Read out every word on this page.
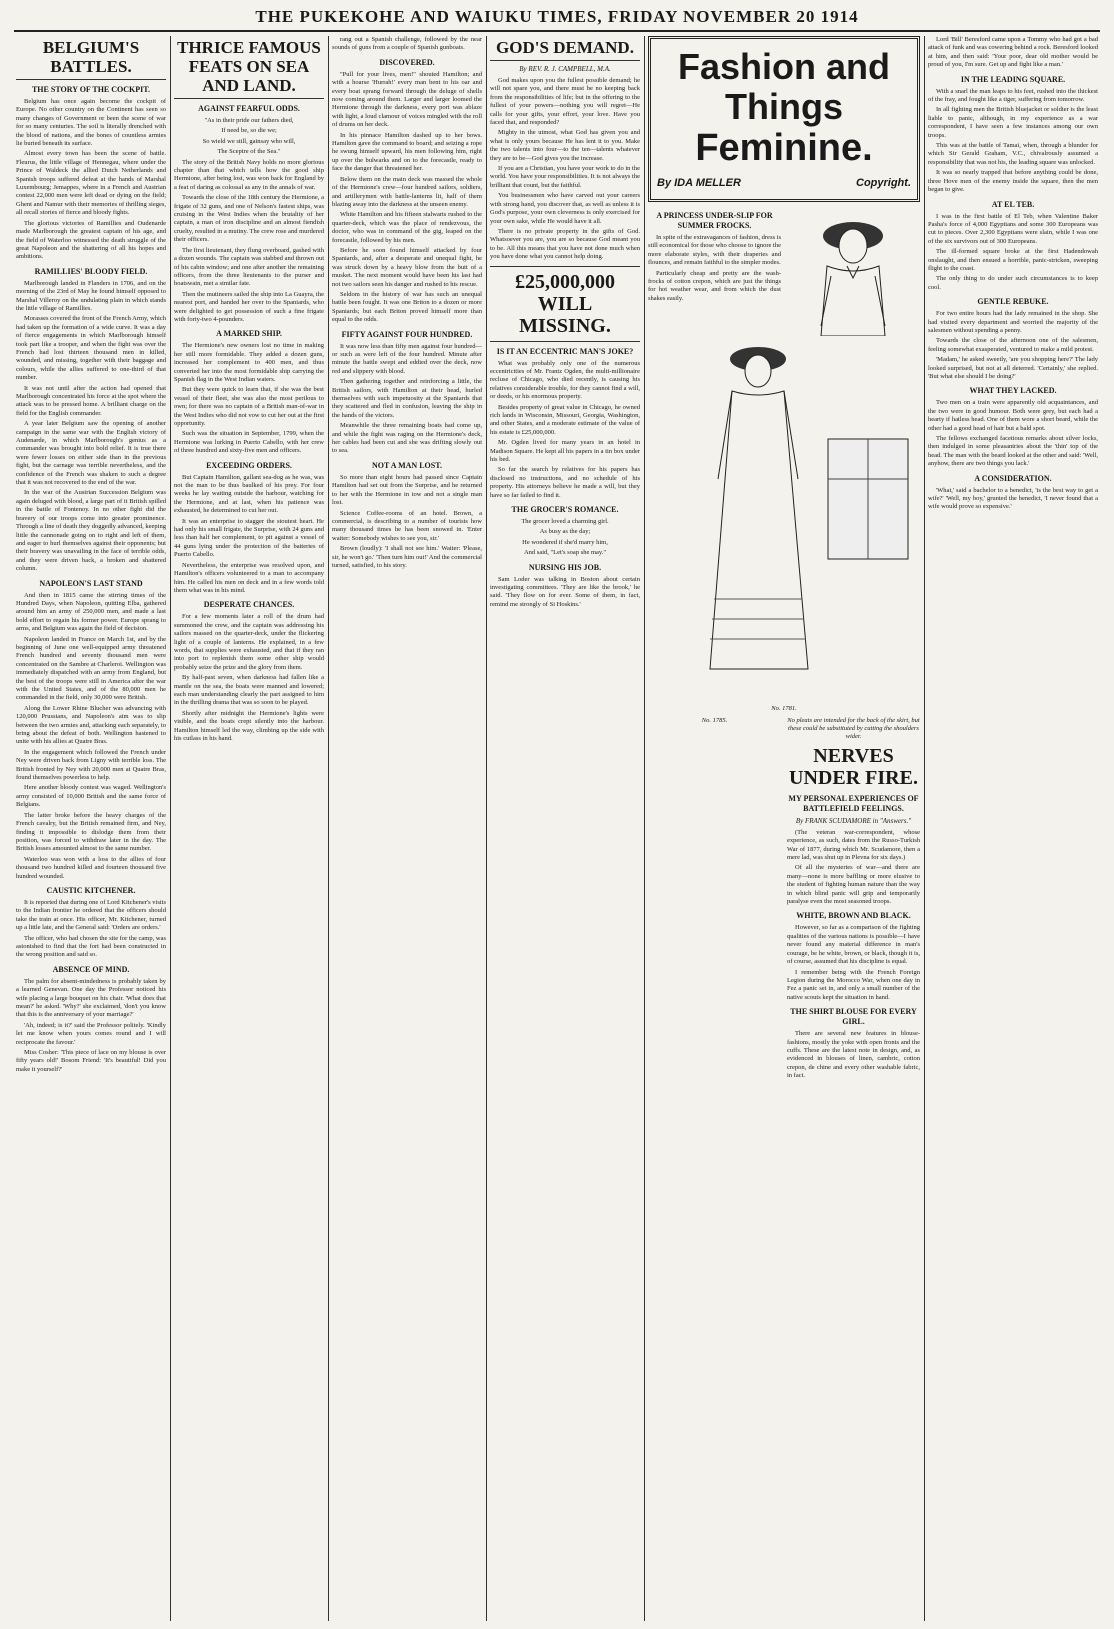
THE PUKEKOHE AND WAIUKU TIMES, FRIDAY NOVEMBER 20 1914
BELGIUM'S BATTLES.
THE STORY OF THE COCKPIT.

Belgium has once again become the cockpit of Europe. No other country on the Continent has seen so many changes of Government or been the scene of war for so many centuries. The soil is literally drenched with the blood of nations, and the bones of countless armies lie buried beneath its surface.

Almost every town has been the scene of battle. Fleurus, the little village of Hennegau, where under the Prince of Waldeck the allied Dutch Netherlands and Spanish troops suffered defeat at the hands of Marshal Luxembourg; Jemappes, where in a French and Austrian contest 22,000 men were left dead or dying on the field; Ghent and Namur with their memories of thrilling sieges, all recall stories of fierce and bloody fights.

The glorious victories of Ramillies and Oudenarde made Marlborough the greatest captain of his age, and the field of Waterloo witnessed the death struggle of the great Napoleon and the shattering of all his hopes and ambitions.

RAMILLIES' BLOODY FIELD.

Marlborough landed in Flanders in 1706, and on the morning of the 23rd of May he found himself opposed to Marshal Villeroy on the undulating plain in which stands the little village of Ramillies.

Morasses covered the front of the French Army, which had taken up the formation of a wide curve. It was a day of fierce engagements in which Marlborough himself took part like a trooper, and when the fight was over the French had lost thirteen thousand men in killed, wounded, and missing, together with their baggage and colours, while the allies suffered to one-third of that number.

It was not until after the action had opened that Marlborough concentrated his force at the spot where the attack was to be pressed home. A brilliant charge on the field for the English commander.

A year later Belgium saw the opening of another campaign in the same war with the English victory of Audenarde, in which Marlborough's genius as a commander was brought into bold relief. It is true there were fewer losses on either side than in the previous fight, but the carnage was terrible nevertheless, and the confidence of the French was shaken to such a degree that it was not recovered to the end of the war.

In the war of the Austrian Succession Belgium was again deluged with blood, a large part of it British spilled in the battle of Fontenoy. In no other fight did the bravery of our troops come into greater prominence. Through a line of death they doggedly advanced, keeping little the cannonade going on to right and left of them, and eager to hurl themselves against their opponents; but their bravery was unavailing in the face of terrible odds, and they were driven back, a broken and shattered column.

NAPOLEON'S LAST STAND

And then in 1815 came the stirring times of the Hundred Days, when Napoleon, quitting Elba, gathered around him an army of 250,000 men, and made a last bold effort to regain his former power. Europe sprang to arms, and Belgium was again the field of decision.

Napoleon landed in France on March 1st, and by the beginning of June one well-equipped army threatened French hundred and seventy thousand men were concentrated on the Sambre at Charleroi. Wellington was immediately dispatched with an army from England, but the best of the troops were still in America after the war with the United States, and of the 80,000 men he commanded in the field, only 30,000 were British.

Along the Lower Rhine Blucher was advancing with 120,000 Prussians, and Napoleon's aim was to slip between the two armies and, attacking each separately, to bring about the defeat of both. Wellington hastened to unite with his allies at Quatre Bras.

In the engagement which followed the French under Ney were driven back from Ligny with terrible loss. The British fronted by Ney with 20,000 men at Quatre Bras, found themselves powerless to help.

Here another bloody contest was waged. Wellington's army consisted of 10,000 British and the same force of Belgians.

The latter broke before the heavy charges of the French cavalry, but the British remained firm, and Ney, finding it impossible to dislodge them from their position, was forced to withdraw later in the day. The British losses amounted almost to the same number.

Waterloo was won with a loss to the allies of four thousand two hundred killed and fourteen thousand five hundred wounded.

CAUSTIC KITCHENER.

It is reported that during one of Lord Kitchener's visits to the Indian frontier he ordered that the officers should take the train at once. His officer, Mr. Kitchener, turned up a little late, and the General said: 'Orders are orders.'

The officer, who had chosen the site for the camp, was astonished to find that the fort had been constructed in the wrong position and said so.

ABSENCE OF MIND.

The palm for absent-mindedness is probably taken by a learned Genevan. One day the Professor noticed his wife placing a large bouquet on his chair. 'What does that mean?' he asked. 'Why?' she exclaimed, 'don't you know that this is the anniversary of your marriage?'

'Ah, indeed; is it?' said the Professor politely. 'Kindly let me know when yours comes round and I will reciprocate the favour.'

Miss Cosher: 'This piece of lace on my blouse is over fifty years old!' Bosom Friend: 'It's beautiful! Did you make it yourself?'

THRICE FAMOUS FEATS ON SEA AND LAND.
AGAINST FEARFUL ODDS.

"As in their pride our fathers died,

If need be, so die we;

So wield we still, gainsay who will,

The Sceptre of the Sea."

The story of the British Navy holds no more glorious chapter than that which tells how the good ship Hermione, after being lost, was won back for England by a feat of daring as colossal as any in the annals of war.

Towards the close of the 18th century the Hermione, a frigate of 32 guns, and one of Nelson's fastest ships, was cruising in the West Indies when the brutality of her captain, a man of iron discipline and an almost fiendish cruelty, resulted in a mutiny. The crew rose and murdered their officers.

The first lieutenant, they flung overboard, gashed with a dozen wounds. The captain was stabbed and thrown out of his cabin window; and one after another the remaining officers, from the three lieutenants to the purser and boatswain, met a similar fate.

Then the mutineers sailed the ship into La Guayra, the nearest port, and handed her over to the Spaniards, who were delighted to get possession of such a fine frigate with forty-two 4-pounders.

A MARKED SHIP.

The Hermione's new owners lost no time in making her still more formidable. They added a dozen guns, increased her complement to 400 men, and thus converted her into the most formidable ship carrying the Spanish flag in the West Indian waters.

But they were quick to learn that, if she was the best vessel of their fleet, she was also the most perilous to own; for there was no captain of a British man-of-war in the West Indies who did not vow to cut her out at the first opportunity.

Such was the situation in September, 1799, when the Hermione was lurking in Puerto Cabello, with her crew of three hundred and sixty-five men and officers.

EXCEEDING ORDERS.

But Captain Hamilton, gallant sea-dog as he was, was not the man to be thus baulked of his prey. For four weeks he lay waiting outside the harbour, watching for the Hermione, and at last, when his patience was exhausted, he determined to cut her out.

It was an enterprise to stagger the stoutest heart. He had only his small frigate, the Surprise, with 24 guns and less than half her complement, to pit against a vessel of 44 guns lying under the protection of the batteries of Puerto Cabello.

Nevertheless, the enterprise was resolved upon, and Hamilton's officers volunteered to a man to accompany him. He called his men on deck and in a few words told them what was in his mind.

DESPERATE CHANCES.

For a few moments later a roll of the drum had summoned the crew, and the captain was addressing his sailors massed on the quarter-deck, under the flickering light of a couple of lanterns. He explained, in a few words, that supplies were exhausted, and that if they ran into port to replenish them some other ship would probably seize the prize and the glory from them.

By half-past seven, when darkness had fallen like a mantle on the sea, the boats were manned and lowered; each man understanding clearly the part assigned to him in the thrilling drama that was so soon to be played.

Shortly after midnight the Hermione's lights were visible, and the boats crept silently into the harbour. Hamilton himself led the way, climbing up the side with his cutlass in his hand.

rang out a Spanish challenge, followed by the near sounds of guns from a couple of Spanish gunboats.

DISCOVERED.

"Pull for your lives, men!" shouted Hamilton; and with a hoarse 'Hurrah!' every man bent to his oar and every boat sprang forward through the deluge of shells now coming around them. Larger and larger loomed the Hermione through the darkness, every port was ablaze with light, a loud clamour of voices mingled with the roll of drums on her deck.

In his pinnace Hamilton dashed up to her bows. Hamilton gave the command to board; and seizing a rope he swung himself upward, his men following him, right up over the bulwarks and on to the forecastle, ready to face the danger that threatened her.

Below them on the main deck was massed the whole of the Hermione's crew—four hundred sailors, soldiers, and artillerymen with battle-lanterns lit, half of them blazing away into the darkness at the unseen enemy.

White Hamilton and his fifteen stalwarts rushed to the quarter-deck, which was the place of rendezvous, the doctor, who was in command of the gig, leaped on the forecastle, followed by his men.

Before he soon found himself attacked by four Spaniards, and, after a desperate and unequal fight, he was struck down by a heavy blow from the butt of a musket. The next moment would have been his last had not two sailors seen his danger and rushed to his rescue.

Seldom in the history of war has such an unequal battle been fought. It was one Briton to a dozen or more Spaniards; but each Briton proved himself more than equal to the odds.

FIFTY AGAINST FOUR HUNDRED.

It was now less than fifty men against four hundred—or such as were left of the four hundred. Minute after minute the battle swept and eddied over the deck, now red and slippery with blood.

Then gathering together and reinforcing a little, the British sailors, with Hamilton at their head, hurled themselves with such impetuosity at the Spaniards that they scattered and fled in confusion, leaving the ship in the hands of the victors.

Meanwhile the three remaining boats had come up, and while the fight was raging on the Hermione's deck, her cables had been cut and she was drifting slowly out to sea.

NOT A MAN LOST.

So more than eight hours had passed since Captain Hamilton had set out from the Surprise, and he returned to her with the Hermione in tow and not a single man lost.

Science Coffee-rooms of an hotel. Brown, a commercial, is describing to a number of tourists how many thousand times he has been snowed in. 'Enter waiter: Somebody wishes to see you, sir.'

Brown (loudly): 'I shall not see him.' Waiter: 'Please, sir, he won't go.' 'Then turn him out!' And the commercial turned, satisfied, to his story.

GOD'S DEMAND.
By REV. R. J. CAMPBELL, M.A.

God makes upon you the fullest possible demand; he will not spare you, and there must be no keeping back from the responsibilities of life; but in the offering to the fullest of your powers—nothing you will regret—He calls for your gifts, your effort, your love. Have you faced that, and responded?

Mighty in the utmost, what God has given you and what is only yours because He has lent it to you. Make the two talents into four—to the ten—talents whatever they are to be—God gives you the increase.

If you are a Christian, you have your work to do in the world. You have your responsibilities. It is not always the brilliant that count, but the faithful.

You businessmen who have carved out your careers with strong hand, you discover that, as well as unless it is God's purpose, your own cleverness is only exercised for your own sake, while He would have it all.

There is no private property in the gifts of God. Whatsoever you are, you are so because God meant you to be. All this means that you have not done much when you have done what you cannot help doing.

£25,000,000 WILL MISSING.
IS IT AN ECCENTRIC MAN'S JOKE?

What was probably only one of the numerous eccentricities of Mr. Frantz Ogden, the multi-millionaire recluse of Chicago, who died recently, is causing his relatives considerable trouble, for they cannot find a will, or deeds, or his enormous property.

Besides property of great value in Chicago, he owned rich lands in Wisconsin, Missouri, Georgia, Washington, and other States, and a moderate estimate of the value of his estate is £25,000,000.

Mr. Ogden lived for many years in an hotel in Madison Square. He kept all his papers in a tin box under his bed.

So far the search by relatives for his papers has disclosed no instructions, and no schedule of his property. His attorneys believe he made a will, but they have so far failed to find it.

THE GROCER'S ROMANCE.

The grocer loved a charming girl.

As busy as the day;

He wondered if she'd marry him,

And said, "Let's soap she may."

NURSING HIS JOB.

Sam Loder was talking in Boston about certain investigating committees. 'They are like the brook,' he said. 'They flow on for ever. Some of them, in fact, remind me strongly of Si Hoskins.'

Fashion and Things
Feminine.
By IDA MELLER	Copyright.
A PRINCESS UNDER-SLIP FOR SUMMER FROCKS.

In spite of the extravagances of fashion, dress is still economical for those who choose to ignore the more elaborate styles, with their draperies and flounces, and remain faithful to the simpler modes.

Particularly cheap and pretty are the wash-frocks of cotton crepon, which are just the things for hot weather wear, and from which the dust shakes easily.

No. 1781.
No. 1785.	No pleats are intended for the back of the skirt, but these could be substituted by cutting the shoulders wider.
NERVES UNDER FIRE.
MY PERSONAL EXPERIENCES OF BATTLEFIELD FEELINGS.
By FRANK SCUDAMORE in "Answers."

(The veteran war-correspondent, whose experience, as such, dates from the Russo-Turkish War of 1877, during which Mr. Scudamore, then a mere lad, was shut up in Plevna for six days.)

Of all the mysteries of war—and there are many—none is more baffling or more elusive to the student of fighting human nature than the way in which blind panic will grip and temporarily paralyse even the most seasoned troops.

WHITE, BROWN AND BLACK.

However, so far as a comparison of the fighting qualities of the various nations is possible—I have never found any material difference in man's courage, be he white, brown, or black, though it is, of course, assumed that his discipline is equal.

I remember being with the French Foreign Legion during the Morocco War, when one day in Fez a panic set in, and only a small number of the native scouts kept the situation in hand.

THE SHIRT BLOUSE FOR EVERY GIRL.

There are several new features in blouse-fashions, mostly the yoke with open fronts and the cuffs. These are the latest note in design, and, as evidenced in blouses of linen, cambric, cotton crepon, de chine and every other washable fabric, in fact.

Lord 'Bill' Beresford came upon a Tommy who had got a bad attack of funk and was cowering behind a rock. Beresford looked at him, and then said: 'Your poor, dear old mother would be proud of you, I'm sure. Get up and fight like a man.'

IN THE LEADING SQUARE.

With a snarl the man leaps to his feet, rushed into the thickest of the fray, and fought like a tiger, suffering from tomorrow.

In all fighting men the British bluejacket or soldier is the least liable to panic, although, in my experience as a war correspondent, I have seen a few instances among our own troops.

This was at the battle of Tamai, when, through a blunder for which Sir Gerald Graham, V.C., chivalrously assumed a responsibility that was not his, the leading square was unlocked.

It was so nearly trapped that before anything could be done, three Hove men of the enemy inside the square, then the men began to give.

AT EL TEB.

I was in the first battle of El Teb, when Valentine Baker Pasha's force of 4,000 Egyptians and some 300 Europeans was cut to pieces. Over 2,300 Egyptians were slain, while I was one of the six survivors out of 300 Europeans.

The ill-formed square broke at the first Hadendowah onslaught, and then ensued a horrible, panic-stricken, sweeping flight to the coast.

The only thing to do under such circumstances is to keep cool.

GENTLE REBUKE.

For two entire hours had the lady remained in the shop. She had visited every department and worried the majority of the salesmen without spending a penny.

Towards the close of the afternoon one of the salesmen, feeling somewhat exasperated, ventured to make a mild protest.

'Madam,' he asked sweetly, 'are you shopping here?' The lady looked surprised, but not at all deterred. 'Certainly,' she replied. 'But what else should I be doing?'

WHAT THEY LACKED.

Two men on a train were apparently old acquaintances, and the two were in good humour. Both were grey, but each had a hearty if hatless head. One of them wore a short beard, while the other had a good head of hair but a bald spot.

The fellows exchanged facetious remarks about silver locks, then indulged in some pleasantries about the 'thin' top of the head. The man with the beard looked at the other and said: 'Well, anyhow, there are two things you lack.'

A CONSIDERATION.

'What,' said a bachelor to a benedict, 'is the best way to get a wife?' 'Well, my boy,' grunted the benedict, 'I never found that a wife would prove so expensive.'
